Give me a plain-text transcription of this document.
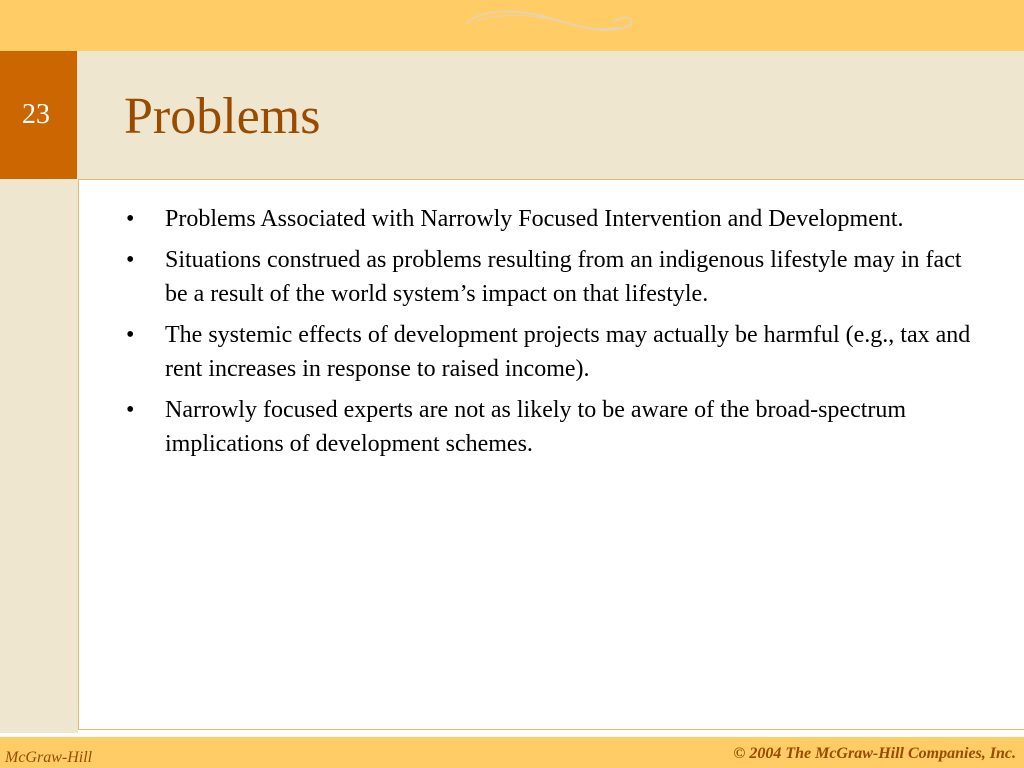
23	Problems
• Problems Associated with Narrowly Focused Intervention and Development.
• Situations construed as problems resulting from an indigenous lifestyle may in fact be a result of the world system’s impact on that lifestyle.
• The systemic effects of development projects may actually be harmful (e.g., tax and rent increases in response to raised income).
• Narrowly focused experts are not as likely to be aware of the broad-spectrum implications of development schemes.

McGraw-Hill	© 2004 The McGraw-Hill Companies, Inc.
